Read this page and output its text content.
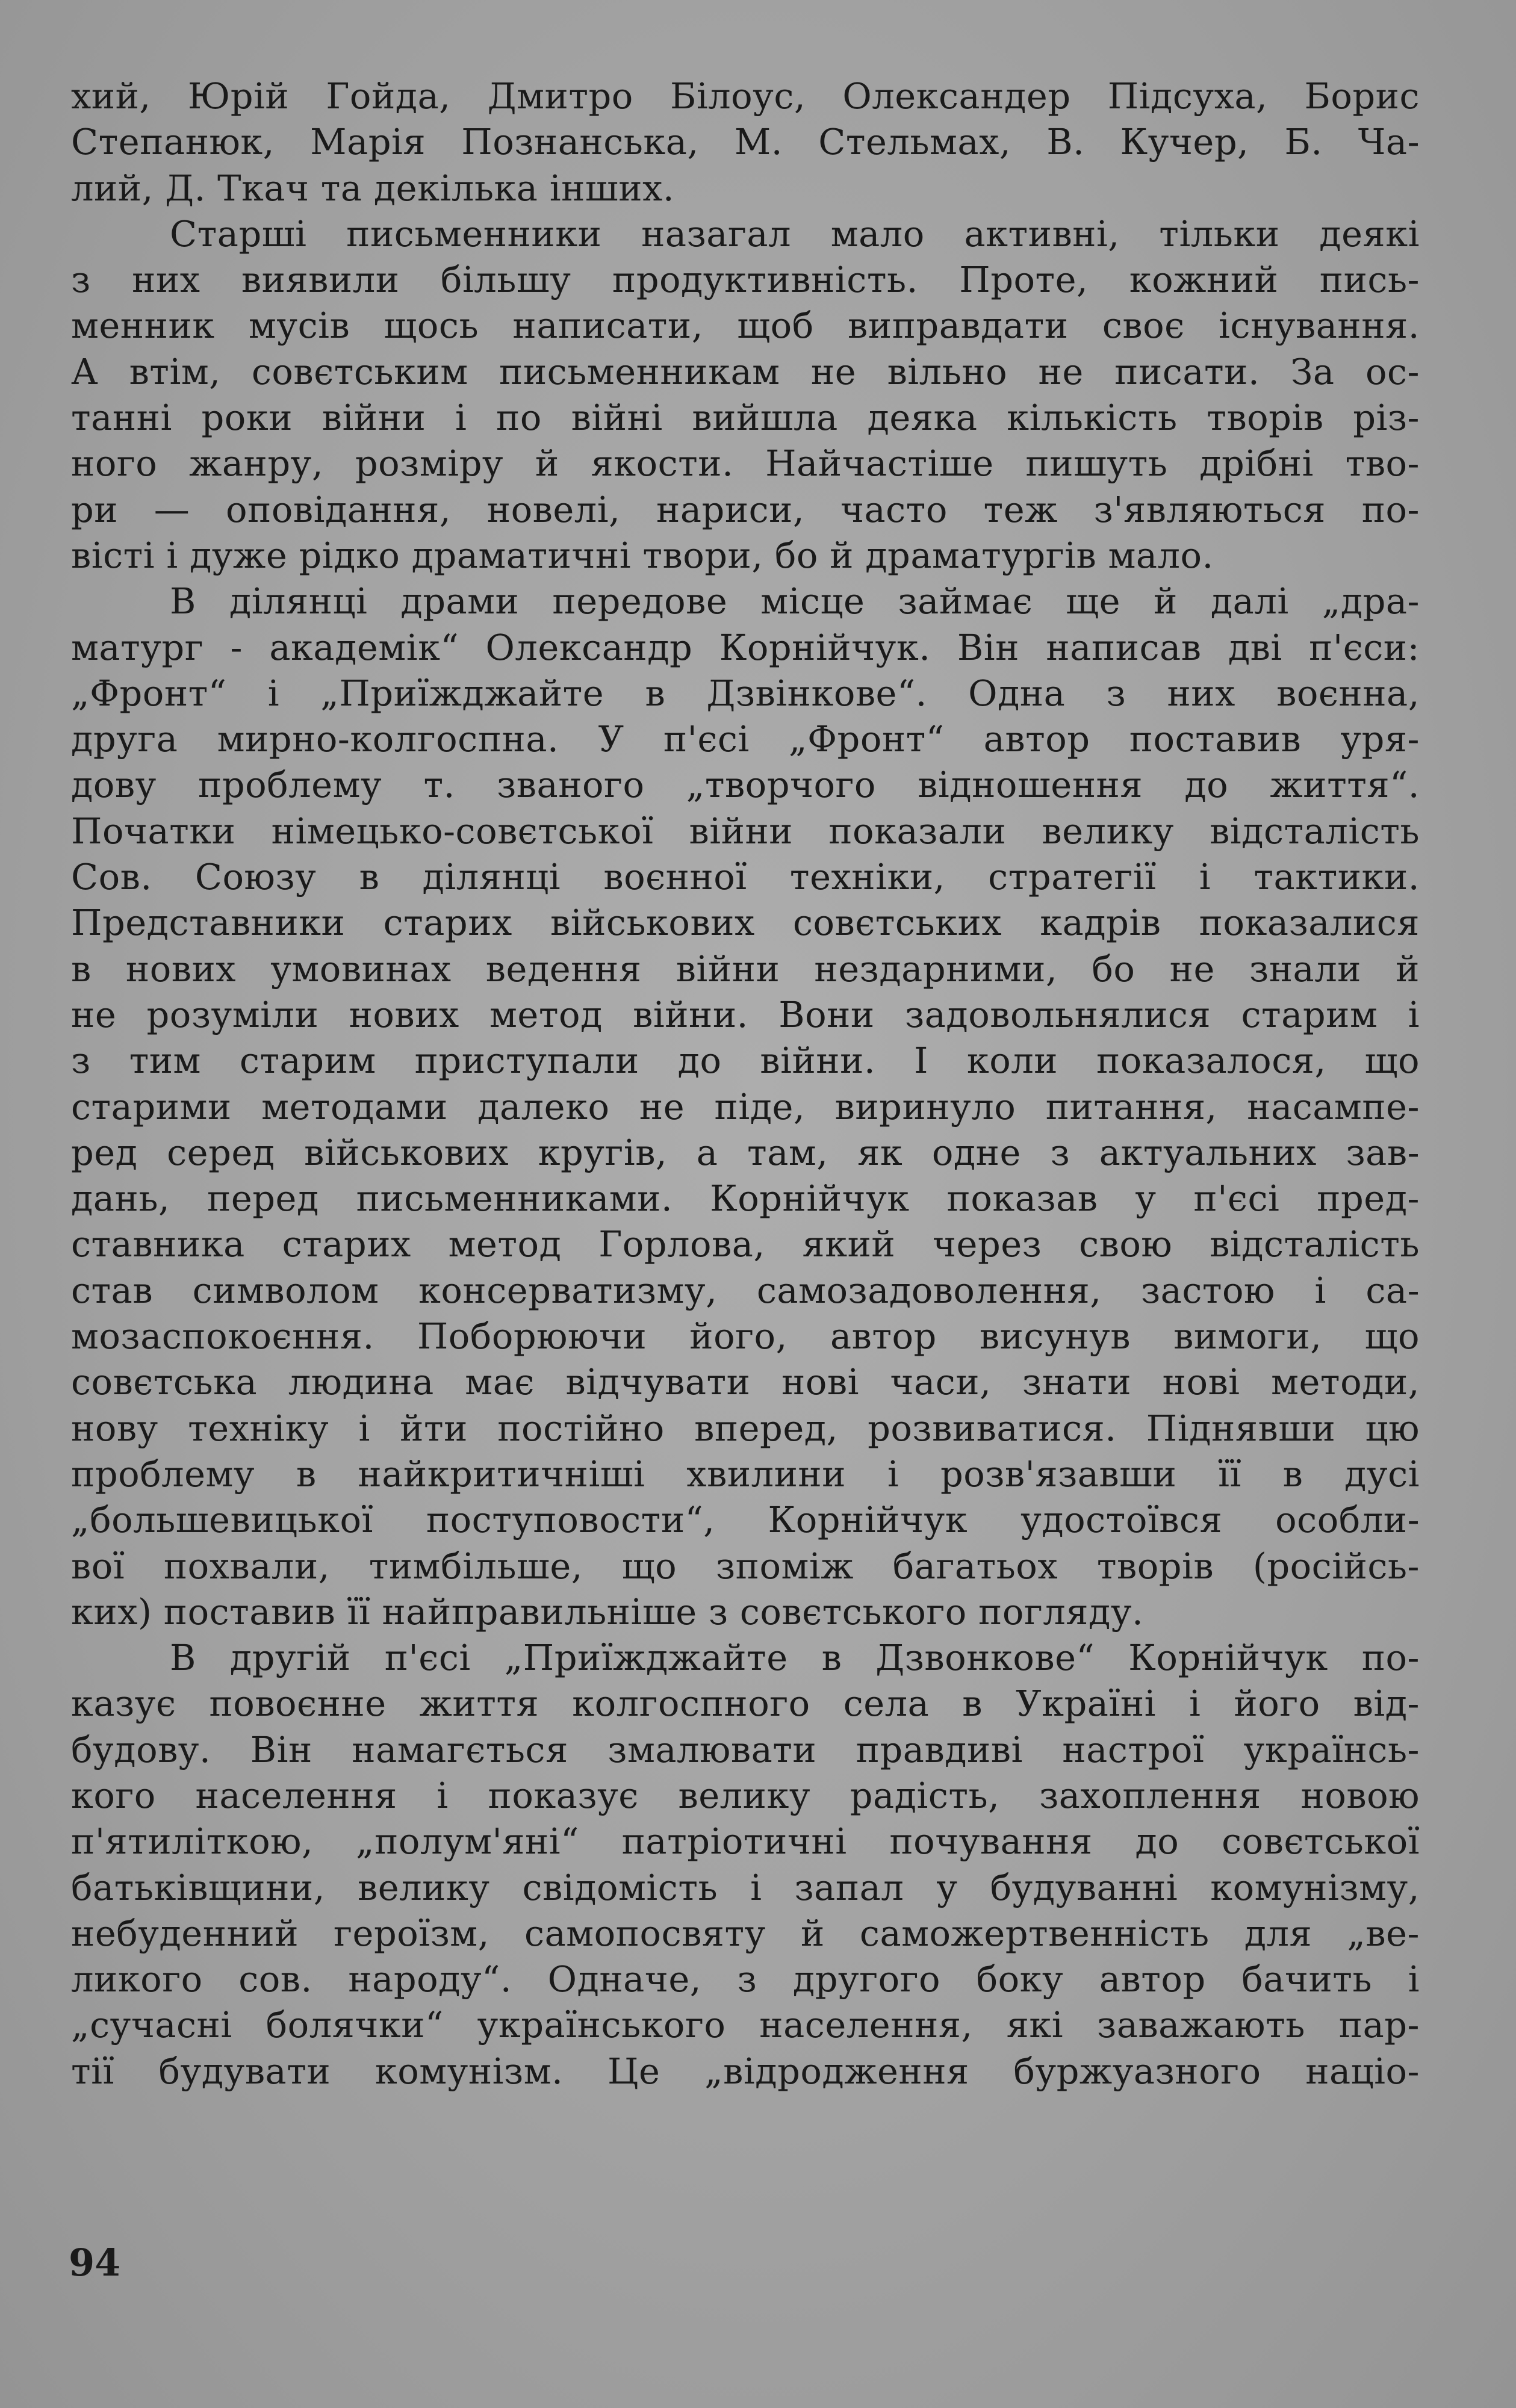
хий, Юрій Гойда, Дмитро Білоус, Олександер Підсуха, Борис
Степанюк, Марія Познанська, М. Стельмах, В. Кучер, Б. Ча-
лий, Д. Ткач та декілька інших.
Старші письменники назагал мало активні, тільки деякі
з них виявили більшу продуктивність. Проте, кожний пись-
менник мусів щось написати, щоб виправдати своє існування.
А втім, совєтським письменникам не вільно не писати. За ос-
танні роки війни і по війні вийшла деяка кількість творів різ-
ного жанру, розміру й якости. Найчастіше пишуть дрібні тво-
ри — оповідання, новелі, нариси, часто теж з'являються по-
вісті і дуже рідко драматичні твори, бо й драматургів мало.
В ділянці драми передове місце займає ще й далі „дра-
матург - академік“ Олександр Корнійчук. Він написав дві п'єси:
„Фронт“ і „Приїжджайте в Дзвінкове“. Одна з них воєнна,
друга мирно-колгоспна. У п'єсі „Фронт“ автор поставив уря-
дову проблему т. званого „творчого відношення до життя“.
Початки німецько-совєтської війни показали велику відсталість
Сов. Союзу в ділянці воєнної техніки, стратегії і тактики.
Представники старих військових совєтських кадрів показалися
в нових умовинах ведення війни нездарними, бо не знали й
не розуміли нових метод війни. Вони задовольнялися старим і
з тим старим приступали до війни. І коли показалося, що
старими методами далеко не піде, виринуло питання, насампе-
ред серед військових кругів, а там, як одне з актуальних зав-
дань, перед письменниками. Корнійчук показав у п'єсі пред-
ставника старих метод Горлова, який через свою відсталість
став символом консерватизму, самозадоволення, застою і са-
мозаспокоєння. Поборюючи його, автор висунув вимоги, що
совєтська людина має відчувати нові часи, знати нові методи,
нову техніку і йти постійно вперед, розвиватися. Піднявши цю
проблему в найкритичніші хвилини і розв'язавши її в дусі
„большевицької поступовости“, Корнійчук удостоївся особли-
вої похвали, тимбільше, що зпоміж багатьох творів (російсь-
ких) поставив її найправильніше з совєтського погляду.
В другій п'єсі „Приїжджайте в Дзвонкове“ Корнійчук по-
казує повоєнне життя колгоспного села в Україні і його від-
будову. Він намагється змалювати правдиві настрої українсь-
кого населення і показує велику радість, захоплення новою
п'ятиліткою, „полум'яні“ патріотичні почування до совєтської
батьківщини, велику свідомість і запал у будуванні комунізму,
небуденний героїзм, самопосвяту й саможертвенність для „ве-
ликого сов. народу“. Одначе, з другого боку автор бачить і
„сучасні болячки“ українського населення, які заважають пар-
тії будувати комунізм. Це „відродження буржуазного націо-
94
